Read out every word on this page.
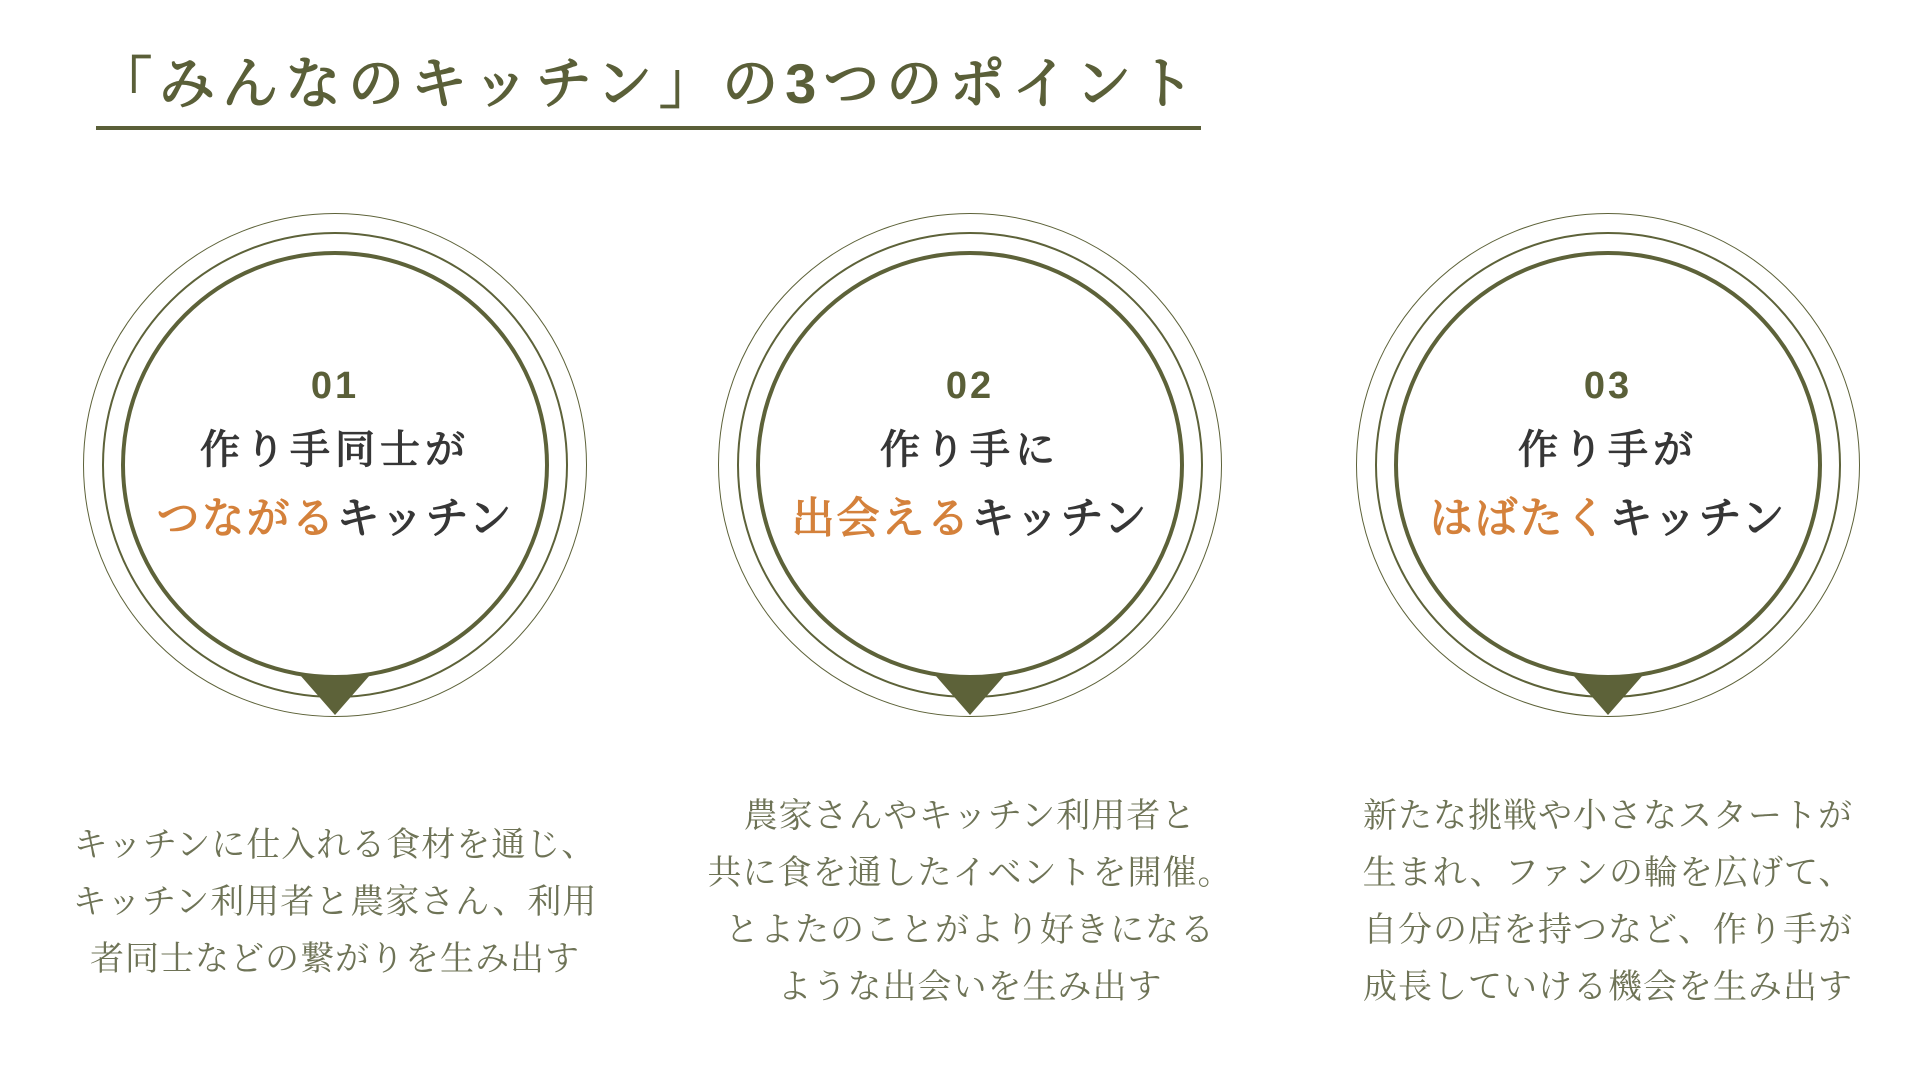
「みんなのキッチン」の3つのポイント
01
作り手同士が
つながるキッチン
キッチンに仕入れる食材を通じ、
キッチン利用者と農家さん、利用
者同士などの繋がりを生み出す
02
作り手に
出会えるキッチン
農家さんやキッチン利用者と
共に食を通したイベントを開催。
とよたのことがより好きになる
ような出会いを生み出す
03
作り手が
はばたくキッチン
新たな挑戦や小さなスタートが
生まれ、ファンの輪を広げて、
自分の店を持つなど、作り手が
成長していける機会を生み出す
